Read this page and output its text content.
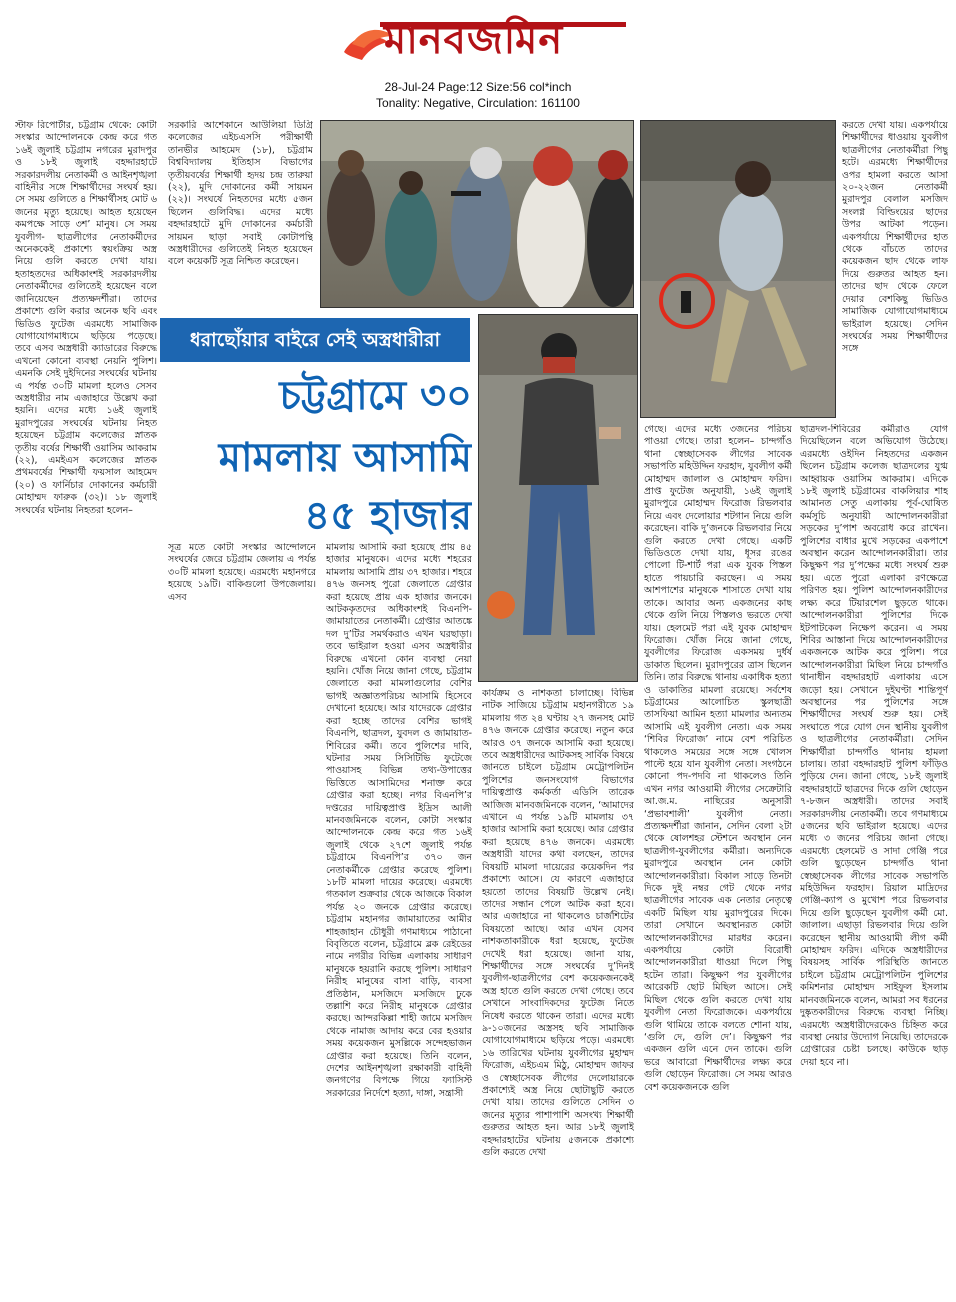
মানবজমিন
28-Jul-24 Page:12 Size:56 col*inch
Tonality: Negative, Circulation: 161100

স্টাফ রিপোর্টার, চট্টগ্রাম থেকে: কোটা সংস্কার আন্দোলনকে কেন্দ্র করে গত ১৬ই জুলাই চট্টগ্রাম নগরের মুরাদপুর ও ১৮ই জুলাই বহদ্দারহাটে সরকারদলীয় নেতাকর্মী ও আইনশৃঙ্খলা বাহিনীর সঙ্গে শিক্ষার্থীদের সংঘর্ষ হয়। সে সময় গুলিতে ৪ শিক্ষার্থীসহ মোট ৬ জনের মৃত্যু হয়েছে। আহত হয়েছেন কমপক্ষে সাড়ে ৩শ’ মানুষ। সে সময় যুবলীগ- ছাত্রলীগের নেতাকর্মীদের অনেককেই প্রকাশ্যে স্বয়ংক্রিয় অস্ত্র নিয়ে গুলি করতে দেখা যায়। হতাহতদের অধিকাংশই সরকারদলীয় নেতাকর্মীদের গুলিতেই হয়েছেন বলে জানিয়েছেন প্রত্যক্ষদর্শীরা। তাদের প্রকাশ্যে গুলি করার অনেক ছবি এবং ভিডিও ফুটেজ এরমধ্যে সামাজিক যোগাযোগমাধ্যমে ছড়িয়ে পড়েছে। তবে এসব অস্ত্রধারী ক্যাডারের বিরুদ্ধে এখনো কোনো ব্যবস্থা নেয়নি পুলিশ। এমনকি সেই দুইদিনের সংঘর্ষের ঘটনায় এ পর্যন্ত ৩০টি মামলা হলেও সেসব অস্ত্রধারীর নাম এজাহারে উল্লেখ করা হয়নি। এদের মধ্যে ১৬ই জুলাই মুরাদপুরের সংঘর্ষের ঘটনায় নিহত হয়েছেন চট্টগ্রাম কলেজের স্নাতক তৃতীয় বর্ষের শিক্ষার্থী ওয়াসিম আকরাম (২২), এমইএস কলেজের স্নাতক প্রথমবর্ষের শিক্ষার্থী ফয়সাল আহমেদ (২০) ও ফার্নিচার দোকানের কর্মচারী মোহাম্মদ ফারুক (৩২)। ১৮ জুলাই সংঘর্ষের ঘটনায় নিহতরা হলেন–

সরকারি আশেকানে আউলিয়া ডিগ্রি কলেজের এইচএসসি পরীক্ষার্থী তানভীর আহমেদ (১৮), চট্টগ্রাম বিশ্ববিদ্যালয় ইতিহাস বিভাগের তৃতীয়বর্ষের শিক্ষার্থী হৃদয় চন্দ্র তারুয়া (২২), মুদি দোকানের কর্মী সায়মন (২২)। সংঘর্ষে নিহতদের মধ্যে ৫জন ছিলেন গুলিবিদ্ধ। এদের মধ্যে বহদ্দারহাটে মুদি দোকানের কর্মচারী সায়মন ছাড়া সবাই কোটাপন্থি অস্ত্রধারীদের গুলিতেই নিহত হয়েছেন বলে কয়েকটি সূত্র নিশ্চিত করেছেন।

করতে দেখা যায়। একপর্যায়ে শিক্ষার্থীদের ধাওয়ায় যুবলীগ ছাত্রলীগের নেতাকর্মীরা পিছু হটে। এরমধ্যে শিক্ষার্থীদের ওপর হামলা করতে আসা ২০-২২জন নেতাকর্মী মুরাদপুর বেলাল মসজিদ সংলগ্ন বিল্ডিংয়ের ছাদের উপর আটকা পড়েন। একপর্যায়ে শিক্ষার্থীদের হাত থেকে বাঁচতে তাদের কয়েকজন ছাদ থেকে লাফ দিয়ে গুরুতর আহত হন। তাদের ছাদ থেকে ফেলে দেয়ার বেশকিছু ভিডিও সামাজিক যোগাযোগমাধ্যমে ভাইরাল হয়েছে। সেদিন সংঘর্ষের সময় শিক্ষার্থীদের সঙ্গে

ধরাছোঁয়ার বাইরে সেই অস্ত্রধারীরা
চট্টগ্রামে ৩০
মামলায় আসামি
৪৫ হাজার

সূত্র মতে কোটা সংস্কার আন্দোলনে সংঘর্ষের জেরে চট্টগ্রাম জেলায় এ পর্যন্ত ৩০টি মামলা হয়েছে। এরমধ্যে মহানগরে হয়েছে ১৯টি। বাকিগুলো উপজেলায়। এসব

মামলায় আসামি করা হয়েছে প্রায় ৪৫ হাজার মানুষকে। এদের মধ্যে শহরের মামলায় আসামি প্রায় ৩৭ হাজার। শহরে ৪৭৬ জনসহ পুরো জেলাতে গ্রেপ্তার করা হয়েছে প্রায় এক হাজার জনকে। আটককৃতদের অধিকাংশই বিএনপি-জামায়াতের নেতাকর্মী। গ্রেপ্তার আতঙ্কে দল দু’টির সমর্থকরাও এখন ঘরছাড়া। তবে ভাইরাল হওয়া এসব অস্ত্রধারীর বিরুদ্ধে এখনো কোন ব্যবস্থা নেয়া হয়নি। খোঁজ নিয়ে জানা গেছে, চট্টগ্রাম জেলাতে করা মামলাগুলোর বেশির ভাগই অজ্ঞাতপরিচয় আসামি হিসেবে দেখানো হয়েছে। আর যাদেরকে গ্রেপ্তার করা হচ্ছে তাদের বেশির ভাগই বিএনপি, ছাত্রদল, যুবদল ও জামায়াত-শিবিরের কর্মী। তবে পুলিশের দাবি, ঘটনার সময় সিসিটিভি ফুটেজে পাওয়াসহ বিভিন্ন তথ্য-উপাত্তের ভিত্তিতে আসামিদের শনাক্ত করে গ্রেপ্তার করা হচ্ছে। নগর বিএনপি’র দপ্তরের দায়িত্বপ্রাপ্ত ইদ্রিস আলী মানবজমিনকে বলেন, কোটা সংস্কার আন্দোলনকে কেন্দ্র করে গত ১৬ই জুলাই থেকে ২৭শে জুলাই পর্যন্ত চট্টগ্রামে বিএনপি’র ৩৭০ জন নেতাকর্মীকে গ্রেপ্তার করেছে পুলিশ। ১৮টি মামলা দায়ের করেছে। এরমধ্যে গতকাল শুক্রবার থেকে আজকে বিকাল পর্যন্ত ২০ জনকে গ্রেপ্তার করেছে। চট্টগ্রাম মহানগর জামায়াতের আমীর শাহজাহান চৌধুরী গণমাধ্যমে পাঠানো বিবৃতিতে বলেন, চট্টগ্রামে ব্লক রেইডের নামে নগরীর বিভিন্ন এলাকায় সাধারণ মানুষকে হয়রানি করছে পুলিশ। সাধারণ নিরীহ মানুষের বাসা বাড়ি, ব্যবসা প্রতিষ্ঠান, মসজিদে মসজিদে ঢুকে তল্লাশি করে নিরীহ মানুষকে গ্রেপ্তার করছে। আন্দরকিল্লা শাহী জামে মসজিদ থেকে নামাজ আদায় করে বের হওয়ার সময় কয়েকজন মুসল্লিকে সন্দেহভাজন গ্রেপ্তার করা হয়েছে। তিনি বলেন, দেশের আইনশৃঙ্খলা রক্ষাকারী বাহিনী জনগণের বিপক্ষে গিয়ে ফ্যাসিস্ট সরকারের নির্দেশে হত্যা, দাঙ্গা, সন্ত্রাসী

কার্যক্রম ও নাশকতা চালাচ্ছে। বিভিন্ন নাটক সাজিয়ে চট্টগ্রাম মহানগরীতে ১৯ মামলায় গত ২৪ ঘণ্টায় ২৭ জনসহ মোট ৪৭৬ জনকে গ্রেপ্তার করেছে। নতুন করে আরও ৩৭ জনকে আসামি করা হয়েছে। তবে অস্ত্রধারীদের আটকসহ সার্বিক বিষয়ে জানতে চাইলে চট্টগ্রাম মেট্রোপলিটন পুলিশের জনসংযোগ বিভাগের দায়িত্বপ্রাপ্ত কর্মকর্তা এডিসি তারেক আজিজ মানবজমিনকে বলেন, ‘আমাদের এখানে এ পর্যন্ত ১৯টি মামলায় ৩৭ হাজার আসামি করা হয়েছে। আর গ্রেপ্তার করা হয়েছে ৪৭৬ জনকে। এরমধ্যে অস্ত্রধারী যাদের কথা বলছেন, তাদের বিষয়টি মামলা দায়েরের কয়েকদিন পর প্রকাশ্যে আসে। যে কারণে এজাহারে হয়তো তাদের বিষয়টি উল্লেখ নেই। তাদের সন্ধান পেলে আটক করা হবে। আর এজাহারে না থাকলেও চার্জশিটের বিষয়তো আছে। আর এখন যেসব নাশকতাকারীকে ধরা হয়েছে, ফুটেজ দেখেই ধরা হয়েছে। জানা যায়, শিক্ষার্থীদের সঙ্গে সংঘর্ষের দু’দিনই যুবলীগ-ছাত্রলীগের বেশ কয়েকজনকেই অস্ত্র হাতে গুলি করতে দেখা গেছে। তবে সেখানে সাংবাদিকদের ফুটেজ নিতে নিষেধ করতে থাকেন তারা। এদের মধ্যে ৯-১০জনের অস্ত্রসহ ছবি সামাজিক যোগাযোগমাধ্যমে ছড়িয়ে পড়ে। এরমধ্যে ১৬ তারিখের ঘটনায় যুবলীগের মুহাম্মদ ফিরোজ, এইচএম মিঠু, মোহাম্মদ জাফর ও স্বেচ্ছাসেবক লীগের দেলোয়ারকে প্রকাশ্যেই অস্ত্র নিয়ে ছোটাছুটি করতে দেখা যায়। তাদের গুলিতে সেদিন ৩ জনের মৃত্যুর পাশাপাশি অসংখ্য শিক্ষার্থী গুরুতর আহত হন। আর ১৮ই জুলাই বহদ্দারহাটের ঘটনায় ৫জনকে প্রকাশ্যে গুলি করতে দেখা

গেছে। এদের মধ্যে ৩জনের পরিচয় পাওয়া গেছে। তারা হলেন– চান্দগাঁও থানা স্বেচ্ছাসেবক লীগের সাবেক সভাপতি মহিউদ্দিন ফরহাদ, যুবলীগ কর্মী মোহাম্মদ জালাল ও মোহাম্মদ ফরিদ। প্রাপ্ত ফুটেজ অনুযায়ী, ১৬ই জুলাই মুরাদপুরে মোহাম্মদ ফিরোজ রিভলবার নিয়ে এবং দেলোয়ার শটগান নিয়ে গুলি করেছেন। বাকি দু’জনকে রিভলবার নিয়ে গুলি করতে দেখা গেছে। একটি ভিডিওতে দেখা যায়, ধূসর রঙের পোলো টি-শার্ট পরা এক যুবক পিস্তল হাতে পায়চারি করছেন। এ সময় আশপাশের মানুষকে শাসাতে দেখা যায় তাকে। আবার অন্য একজনের কাছ থেকে গুলি নিয়ে পিস্তলও ভরতে দেখা যায়। হেলমেট পরা এই যুবক মোহাম্মদ ফিরোজ। খোঁজ নিয়ে জানা গেছে, যুবলীগের ফিরোজ একসময় দুর্ধর্ষ ডাকাত ছিলেন। মুরাদপুরের ত্রাস ছিলেন তিনি। তার বিরুদ্ধে থানায় একাধিক হত্যা ও ডাকাতির মামলা রয়েছে। সর্বশেষ চট্টগ্রামের আলোচিত স্কুলছাত্রী তাসফিয়া আমিন হত্যা মামলার অন্যতম আসামি এই যুবলীগ নেতা। এক সময় ‘শিবির ফিরোজ’ নামে বেশ পরিচিত থাকলেও সময়ের সঙ্গে সঙ্গে খোলস পাল্টে হয়ে যান যুবলীগ নেতা। সংগঠনে কোনো পদ-পদবি না থাকলেও তিনি এখন নগর আওয়ামী লীগের সেক্রেটারি আ.জ.ম. নাছিরের অনুসারী ‘প্রভাবশালী’ যুবলীগ নেতা। প্রত্যক্ষদর্শীরা জানান, সেদিন বেলা ২টা থেকে ষোলশহর স্টেশনে অবস্থান নেন ছাত্রলীগ-যুবলীগের কর্মীরা। অন্যদিকে মুরাদপুরে অবস্থান নেন কোটা আন্দোলনকারীরা। বিকাল সাড়ে তিনটা দিকে দুই নম্বর গেট থেকে নগর ছাত্রলীগের সাবেক এক নেতার নেতৃত্বে একটি মিছিল যায় মুরাদপুরের দিকে। তারা সেখানে অবস্থানরত কোটা আন্দোলনকারীদের মারধর করেন। একপর্যায়ে কোটা বিরোধী আন্দোলনকারীরা ধাওয়া দিলে পিছু হটেন তারা। কিছুক্ষণ পর যুবলীগের আরেকটি ছোট মিছিল আসে। সেই মিছিল থেকে গুলি করতে দেখা যায় যুবলীগ নেতা ফিরোজকে। একপর্যায়ে গুলি থামিয়ে তাকে বলতে শোনা যায়, ‘গুলি দে, গুলি দে’। কিছুক্ষণ পর একজন গুলি এনে দেন তাকে। গুলি ভরে আবারো শিক্ষার্থীদের লক্ষ্য করে গুলি ছোড়েন ফিরোজ। সে সময় আরও বেশ কয়েকজনকে গুলি

ছাত্রদল-শিবিরের কর্মীরাও যোগ দিয়েছিলেন বলে অভিযোগ উঠেছে। এরমধ্যে ওইদিন নিহতদের একজন ছিলেন চট্টগ্রাম কলেজ ছাত্রদলের যুগ্ম আহ্বায়ক ওয়াসিম আকরাম। এদিকে ১৮ই জুলাই চট্টগ্রামের বাকলিয়ার শাহ আমানত সেতু এলাকায় পূর্ব-ঘোষিত কর্মসূচি অনুযায়ী আন্দোলনকারীরা সড়কের দু’পাশ অবরোধ করে রাখেন। পুলিশের বাধার মুখে সড়কের একপাশে অবস্থান করেন আন্দোলনকারীরা। তার কিছুক্ষণ পর দু’পক্ষের মধ্যে সংঘর্ষ শুরু হয়। এতে পুরো এলাকা রণক্ষেত্রে পরিণত হয়। পুলিশ আন্দোলনকারীদের লক্ষ্য করে টিয়ারশেল ছুড়তে থাকে। আন্দোলনকারীরা পুলিশের দিকে ইটপাটকেল নিক্ষেপ করেন। এ সময় শিবির আস্তানা দিয়ে আন্দোলনকারীদের একজনকে আটক করে পুলিশ। পরে আন্দোলনকারীরা মিছিল নিয়ে চান্দগাঁও থানাধীন বহদ্দারহাট এলাকায় এসে জড়ো হয়। সেখানে দুইঘণ্টা শান্তিপূর্ণ অবস্থানের পর পুলিশের সঙ্গে শিক্ষার্থীদের সংঘর্ষ শুরু হয়। সেই সংঘাতে পরে যোগ দেন স্থানীয় যুবলীগ ও ছাত্রলীগের নেতাকর্মীরা। সেদিন শিক্ষার্থীরা চান্দগাঁও থানায় হামলা চালায়। তারা বহদ্দারহাট পুলিশ ফাঁড়িও পুড়িয়ে দেন। জানা গেছে, ১৮ই জুলাই বহদ্দারহাটে ছাত্রদের দিকে গুলি ছোড়েন ৭-৮জন অস্ত্রধারী। তাদের সবাই সরকারদলীয় নেতাকর্মী। তবে গণমাধ্যমে ৫জনের ছবি ভাইরাল হয়েছে। এদের মধ্যে ৩ জনের পরিচয় জানা গেছে। এরমধ্যে হেলমেট ও সাদা গেঞ্জি পরে গুলি ছুড়েছেন চান্দগাঁও থানা স্বেচ্ছাসেবক লীগের সাবেক সভাপতি মহিউদ্দিন ফরহাদ। রিয়াল মাদ্রিদের গেঞ্জি-ক্যাপ ও মুখোশ পরে রিভলবার দিয়ে গুলি ছুড়েছেন যুবলীগ কর্মী মো. জালাল। এছাড়া রিভলবার দিয়ে গুলি করেছেন স্থানীয় আওয়ামী লীগ কর্মী মোহাম্মদ ফরিদ। এদিকে অস্ত্রধারীদের বিষয়সহ সার্বিক পরিস্থিতি জানতে চাইলে চট্টগ্রাম মেট্রোপলিটন পুলিশের কমিশনার মোহাম্মদ সাইফুল ইসলাম মানবজমিনকে বলেন, আমরা সব ধরনের দুষ্কৃতকারীদের বিরুদ্ধে ব্যবস্থা নিচ্ছি। এরমধ্যে অস্ত্রধারীদেরকেও চিহ্নিত করে ব্যবস্থা নেয়ার উদ্যোগ নিয়েছি। তাদেরকে গ্রেপ্তারের চেষ্টা চলছে। কাউকে ছাড় দেয়া হবে না।
